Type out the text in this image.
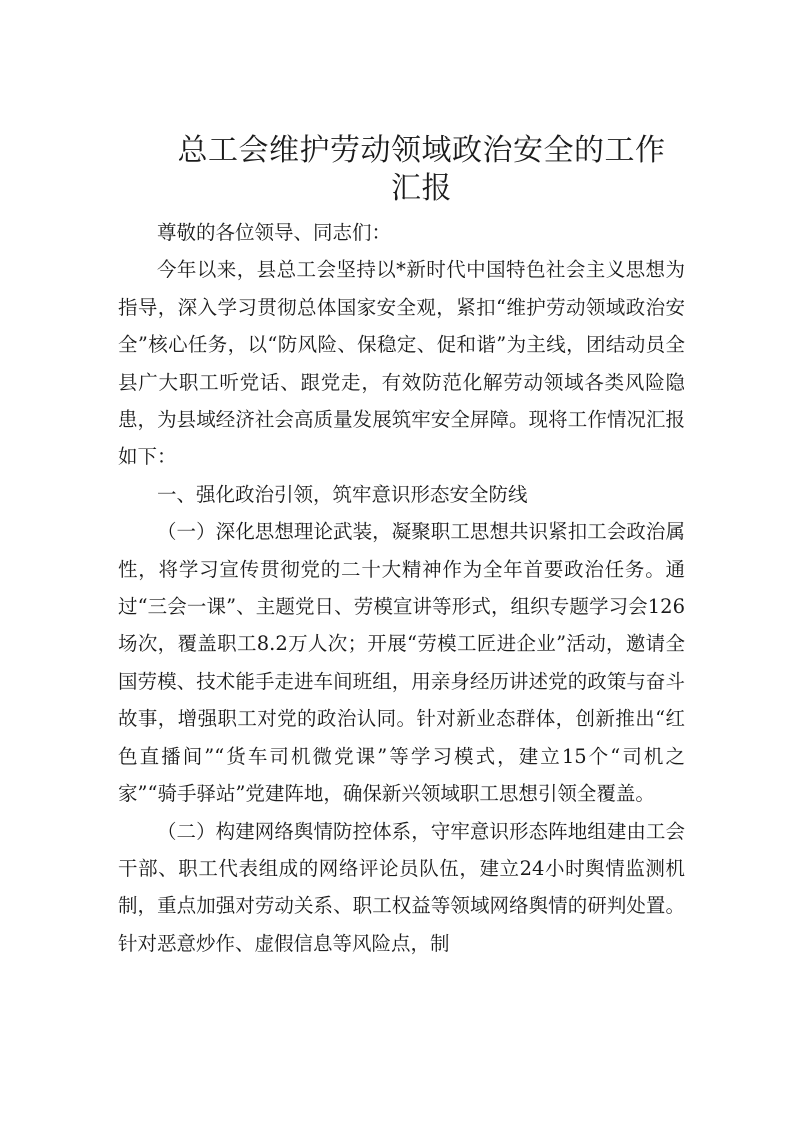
总工会维护劳动领域政治安全的工作
汇报

尊敬的各位领导、同志们：

今年以来，县总工会坚持以*新时代中国特色社会主义思想为指导，深入学习贯彻总体国家安全观，紧扣“维护劳动领域政治安全”核心任务，以“防风险、保稳定、促和谐”为主线，团结动员全县广大职工听党话、跟党走，有效防范化解劳动领域各类风险隐患，为县域经济社会高质量发展筑牢安全屏障。现将工作情况汇报如下：

一、强化政治引领，筑牢意识形态安全防线

（一）深化思想理论武装，凝聚职工思想共识紧扣工会政治属性，将学习宣传贯彻党的二十大精神作为全年首要政治任务。通过“三会一课”、主题党日、劳模宣讲等形式，组织专题学习会126场次，覆盖职工8.2万人次；开展“劳模工匠进企业”活动，邀请全国劳模、技术能手走进车间班组，用亲身经历讲述党的政策与奋斗故事，增强职工对党的政治认同。针对新业态群体，创新推出“红色直播间”“货车司机微党课”等学习模式，建立15个“司机之家”“骑手驿站”党建阵地，确保新兴领域职工思想引领全覆盖。

（二）构建网络舆情防控体系，守牢意识形态阵地组建由工会干部、职工代表组成的网络评论员队伍，建立24小时舆情监测机制，重点加强对劳动关系、职工权益等领域网络舆情的研判处置。针对恶意炒作、虚假信息等风险点，制
